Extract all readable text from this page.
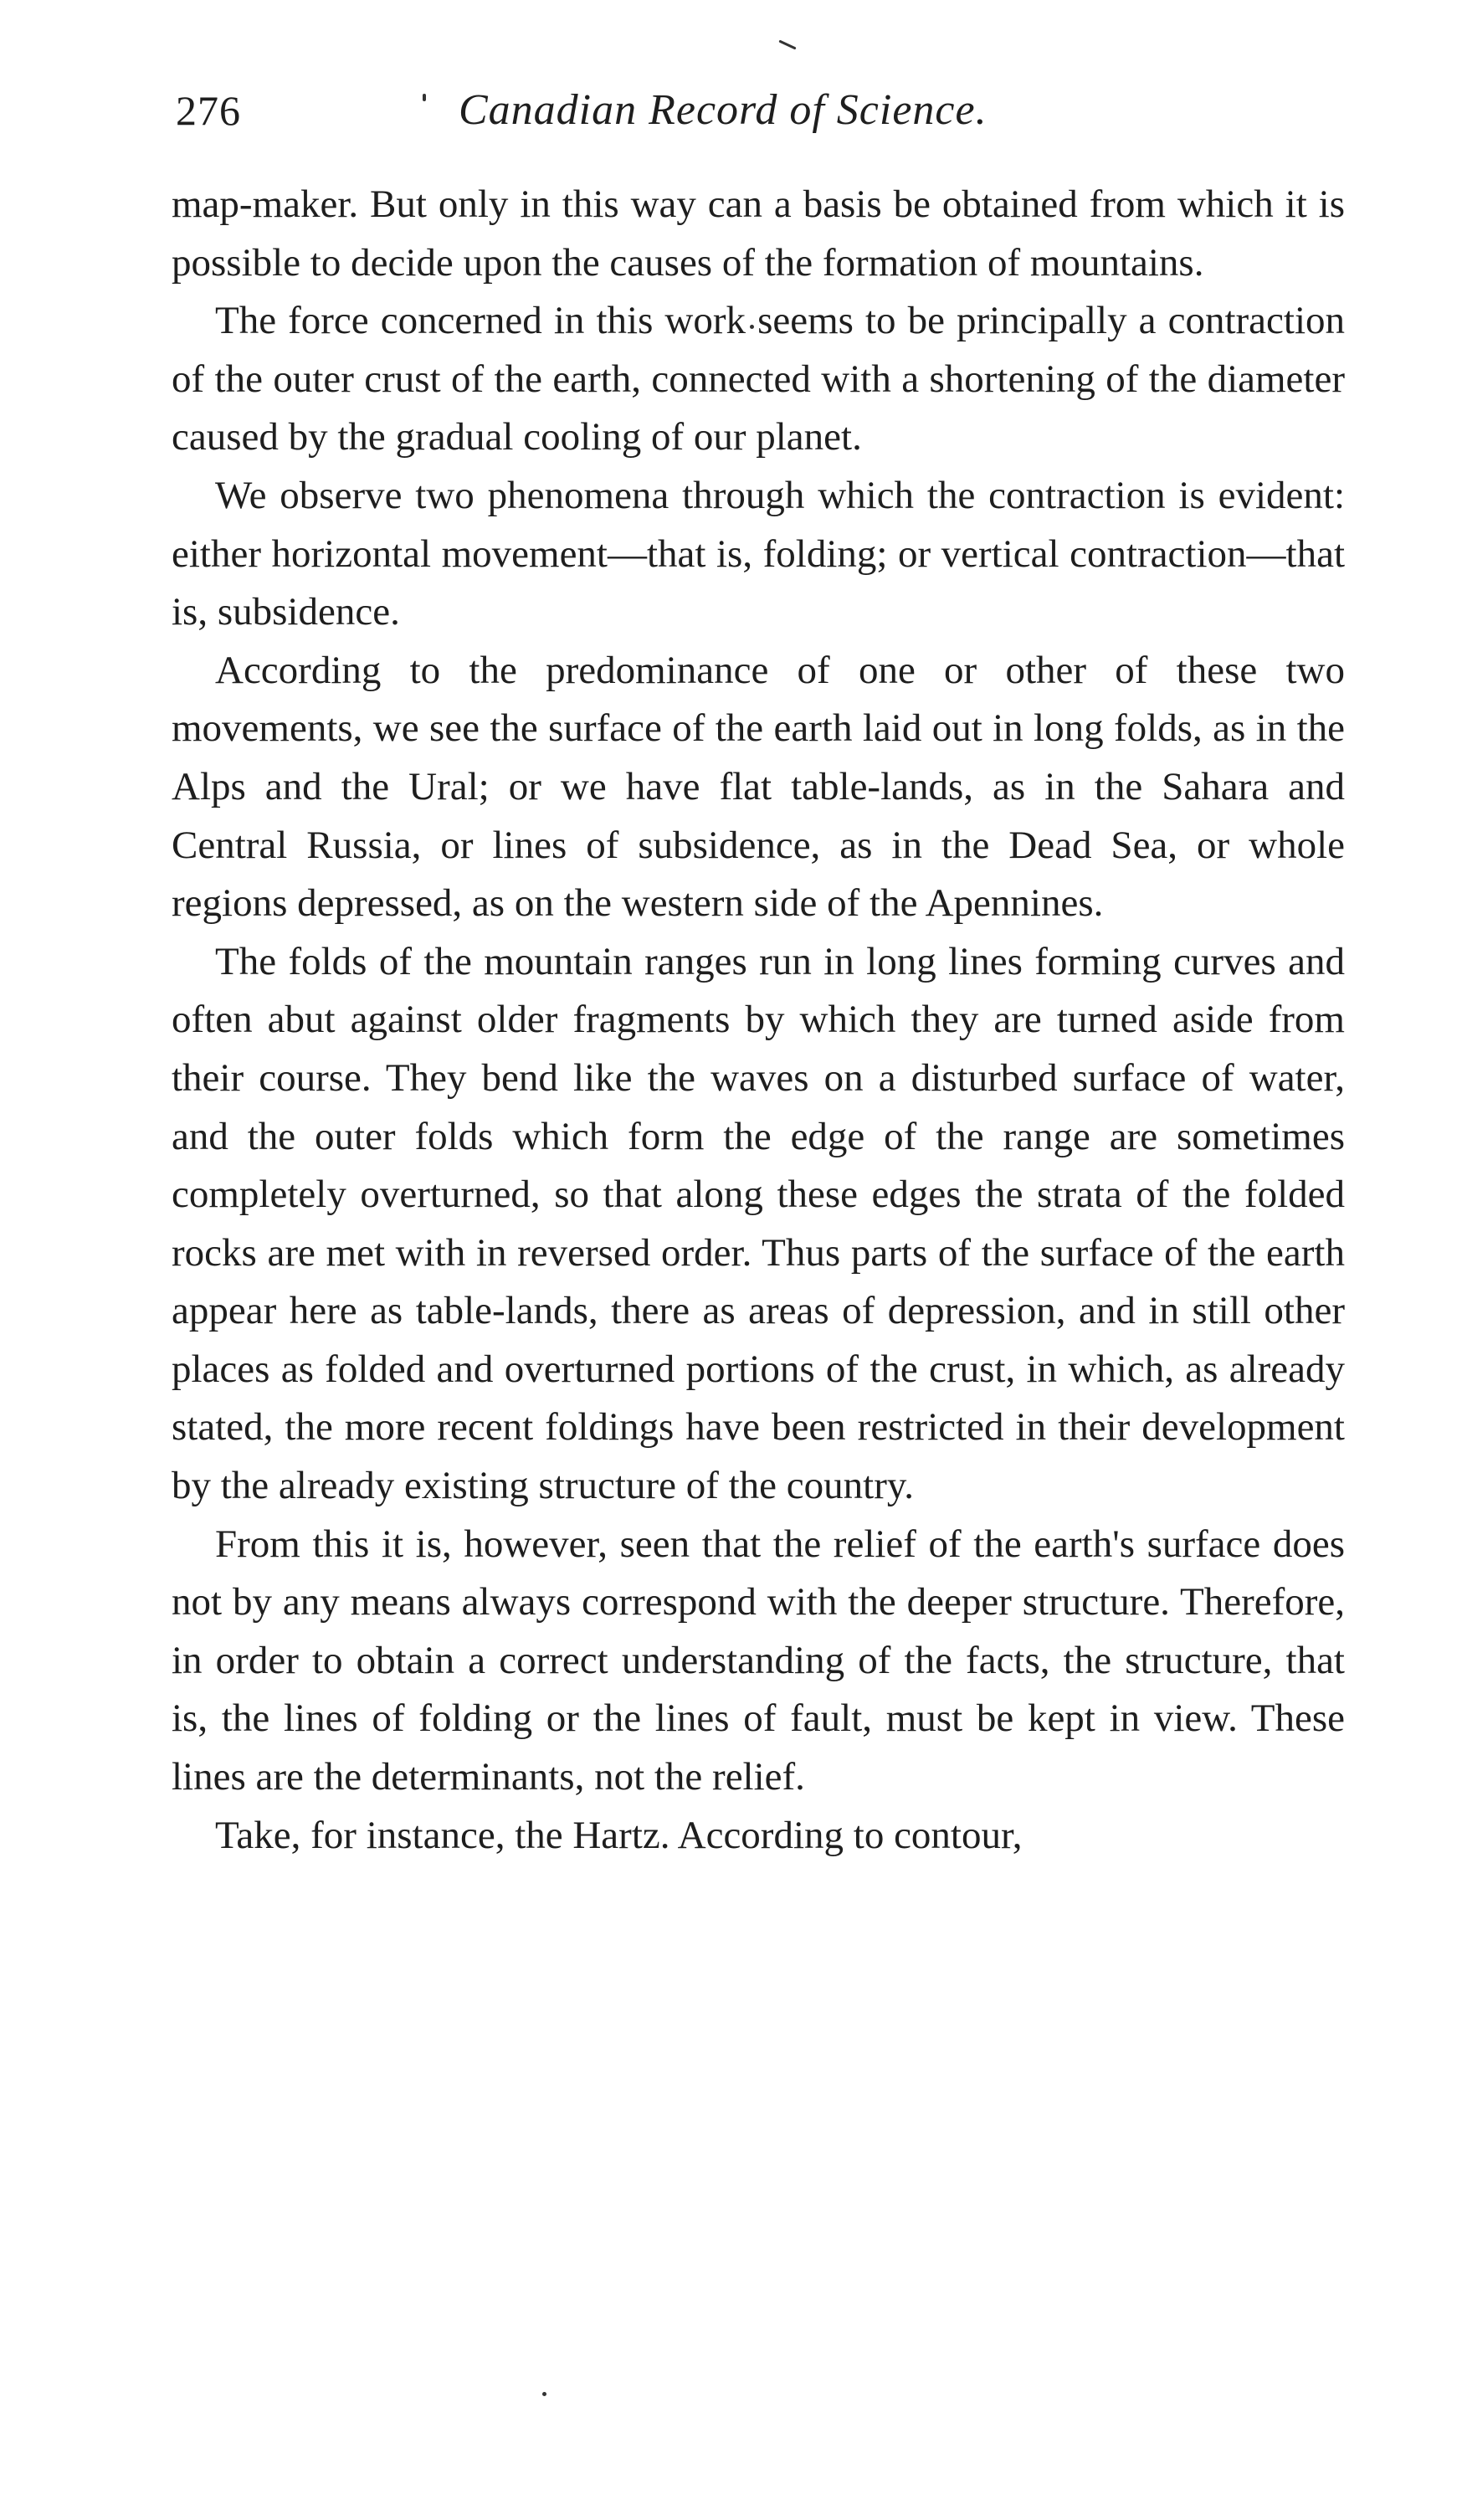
276	Canadian Record of Science.

map-maker. But only in this way can a basis be obtained from which it is possible to decide upon the causes of the formation of mountains.

The force concerned in this work seems to be principally a contraction of the outer crust of the earth, connected with a shortening of the diameter caused by the gradual cooling of our planet.

We observe two phenomena through which the contraction is evident: either horizontal movement—that is, folding; or vertical contraction—that is, subsidence.

According to the predominance of one or other of these two movements, we see the surface of the earth laid out in long folds, as in the Alps and the Ural; or we have flat table-lands, as in the Sahara and Central Russia, or lines of subsidence, as in the Dead Sea, or whole regions depressed, as on the western side of the Apennines.

The folds of the mountain ranges run in long lines forming curves and often abut against older fragments by which they are turned aside from their course. They bend like the waves on a disturbed surface of water, and the outer folds which form the edge of the range are sometimes completely overturned, so that along these edges the strata of the folded rocks are met with in reversed order. Thus parts of the surface of the earth appear here as table-lands, there as areas of depression, and in still other places as folded and overturned portions of the crust, in which, as already stated, the more recent foldings have been restricted in their development by the already existing structure of the country.

From this it is, however, seen that the relief of the earth's surface does not by any means always correspond with the deeper structure. Therefore, in order to obtain a correct understanding of the facts, the structure, that is, the lines of folding or the lines of fault, must be kept in view. These lines are the determinants, not the relief.

Take, for instance, the Hartz. According to contour,
